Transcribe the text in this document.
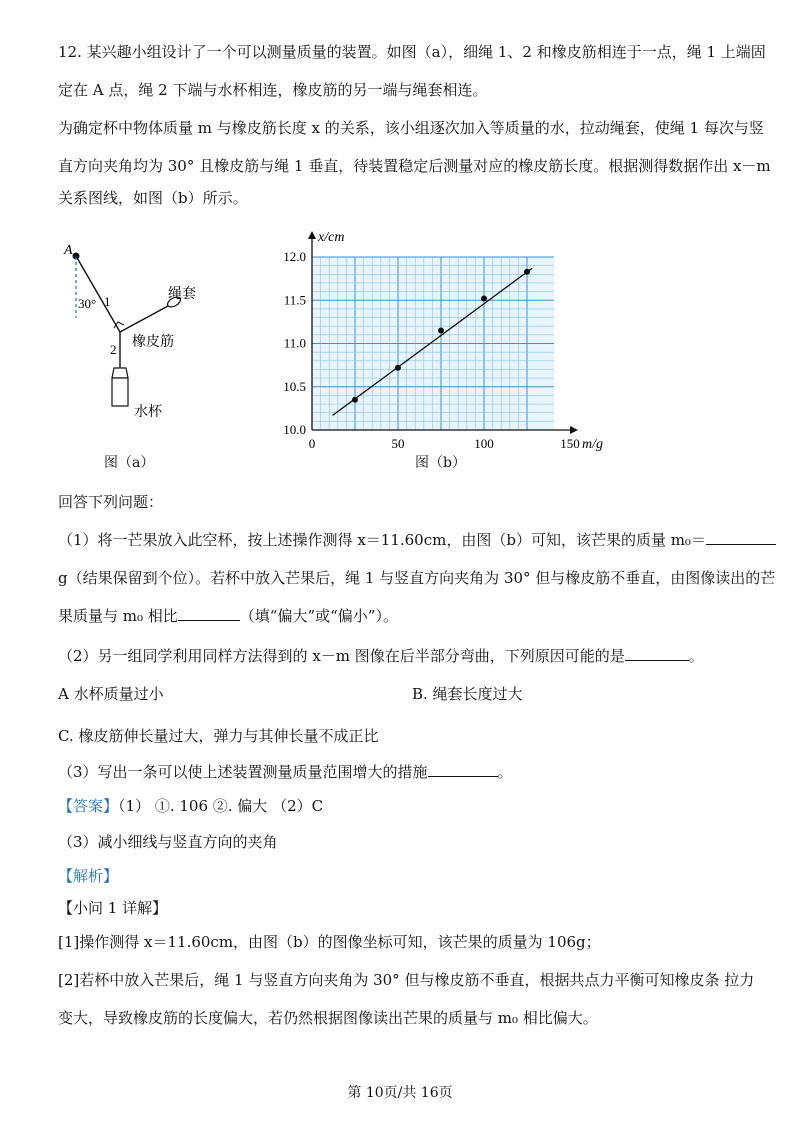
12. 某兴趣小组设计了一个可以测量质量的装置。如图（a），细绳 1、2 和橡皮筋相连于一点，绳 1 上端固
定在 A 点，绳 2 下端与水杯相连，橡皮筋的另一端与绳套相连。
为确定杯中物体质量 m 与橡皮筋长度 x 的关系，该小组逐次加入等质量的水，拉动绳套，使绳 1 每次与竖
直方向夹角均为 30° 且橡皮筋与绳 1 垂直，待装置稳定后测量对应的橡皮筋长度。根据测得数据作出 x－m
关系图线，如图（b）所示。
A
30° 1	绳套
橡皮筋
2
水杯
图（a）
0	50	100	150
10.0
10.5
11.0
11.5
12.0
x/cm
m/g
图（b）
回答下列问题：
（1）将一芒果放入此空杯，按上述操作测得 x＝11.60cm，由图（b）可知，该芒果的质量 m₀＝
g（结果保留到个位）。若杯中放入芒果后，绳 1 与竖直方向夹角为 30° 但与橡皮筋不垂直，由图像读出的芒
果质量与 m₀ 相比	（填“偏大”或“偏小”）。
（2）另一组同学利用同样方法得到的 x－m 图像在后半部分弯曲，下列原因可能的是	。
A 水杯质量过小	B. 绳套长度过大
C. 橡皮筋伸长量过大，弹力与其伸长量不成正比
（3）写出一条可以使上述装置测量质量范围增大的措施	。
【答案】（1） ①. 106 ②. 偏大 （2）C
（3）减小细线与竖直方向的夹角
【解析】
【小问 1 详解】
[1]操作测得 x＝11.60cm，由图（b）的图像坐标可知，该芒果的质量为 106g；
[2]若杯中放入芒果后，绳 1 与竖直方向夹角为 30° 但与橡皮筋不垂直，根据共点力平衡可知橡皮条 拉力
变大，导致橡皮筋的长度偏大，若仍然根据图像读出芒果的质量与 m₀ 相比偏大。
第 10页/共 16页
